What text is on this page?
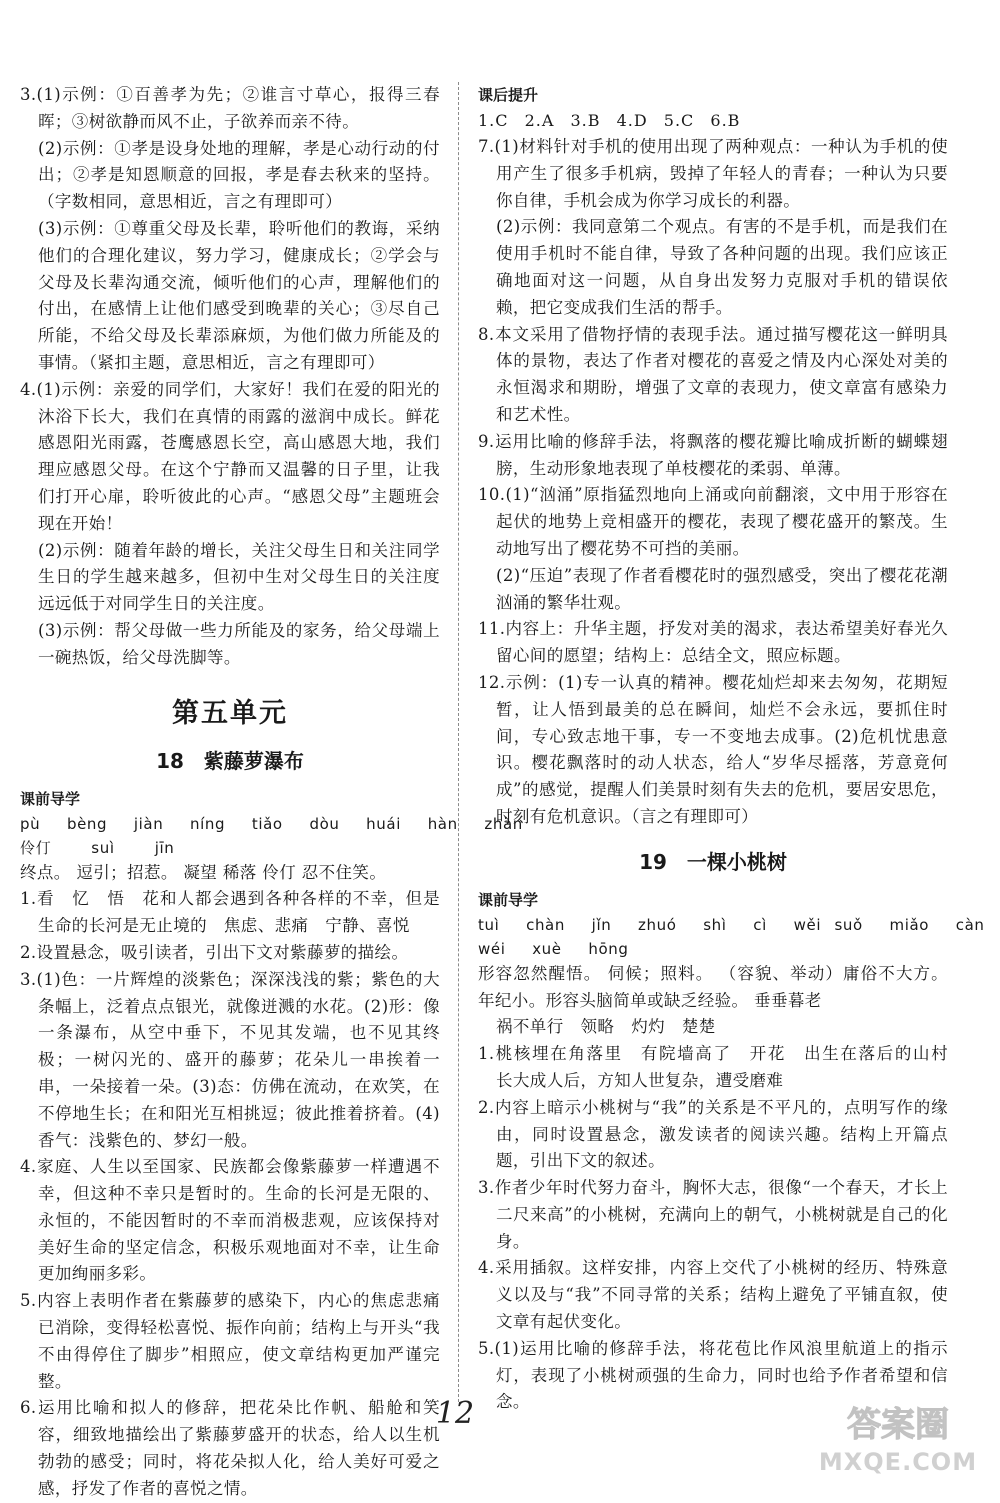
3.(1)示例：①百善孝为先；②谁言寸草心，报得三春晖；③树欲静而风不止，子欲养而亲不待。

(2)示例：①孝是设身处地的理解，孝是心动行动的付出；②孝是知恩顺意的回报，孝是春去秋来的坚持。（字数相同，意思相近，言之有理即可）

(3)示例：①尊重父母及长辈，聆听他们的教诲，采纳他们的合理化建议，努力学习，健康成长；②学会与父母及长辈沟通交流，倾听他们的心声，理解他们的付出，在感情上让他们感受到晚辈的关心；③尽自己所能，不给父母及长辈添麻烦，为他们做力所能及的事情。（紧扣主题，意思相近，言之有理即可）

4.(1)示例：亲爱的同学们，大家好！我们在爱的阳光的沐浴下长大，我们在真情的雨露的滋润中成长。鲜花感恩阳光雨露，苍鹰感恩长空，高山感恩大地，我们理应感恩父母。在这个宁静而又温馨的日子里，让我们打开心扉，聆听彼此的心声。“感恩父母”主题班会现在开始！

(2)示例：随着年龄的增长，关注父母生日和关注同学生日的学生越来越多，但初中生对父母生日的关注度远远低于对同学生日的关注度。

(3)示例：帮父母做一些力所能及的家务，给父母端上一碗热饭，给父母洗脚等。

第五单元
18　紫藤萝瀑布
课前导学
pù  bèng  jiàn  níng  tiǎo  dòu  huái  hàn  zhàn
伶仃   suì   jīn

终点。 逗引；招惹。 凝望 稀落 伶仃 忍不住笑。

1.看　忆　悟　花和人都会遇到各种各样的不幸，但是生命的长河是无止境的　焦虑、悲痛　宁静、喜悦

2.设置悬念，吸引读者，引出下文对紫藤萝的描绘。

3.(1)色：一片辉煌的淡紫色；深深浅浅的紫；紫色的大条幅上，泛着点点银光，就像迸溅的水花。(2)形：像一条瀑布，从空中垂下，不见其发端，也不见其终极；一树闪光的、盛开的藤萝；花朵儿一串挨着一串，一朵接着一朵。(3)态：仿佛在流动，在欢笑，在不停地生长；在和阳光互相挑逗；彼此推着挤着。(4)香气：浅紫色的、梦幻一般。

4.家庭、人生以至国家、民族都会像紫藤萝一样遭遇不幸，但这种不幸只是暂时的。生命的长河是无限的、永恒的，不能因暂时的不幸而消极悲观，应该保持对美好生命的坚定信念，积极乐观地面对不幸，让生命更加绚丽多彩。

5.内容上表明作者在紫藤萝的感染下，内心的焦虑悲痛已消除，变得轻松喜悦、振作向前；结构上与开头“我不由得停住了脚步”相照应，使文章结构更加严谨完整。

6.运用比喻和拟人的修辞，把花朵比作帆、船舱和笑容，细致地描绘出了紫藤萝盛开的状态，给人以生机勃勃的感受；同时，将花朵拟人化，给人美好可爱之感，抒发了作者的喜悦之情。

课后提升

1.C 2.A 3.B 4.D 5.C 6.B

7.(1)材料针对手机的使用出现了两种观点：一种认为手机的使用产生了很多手机病，毁掉了年轻人的青春；一种认为只要你自律，手机会成为你学习成长的利器。

(2)示例：我同意第二个观点。有害的不是手机，而是我们在使用手机时不能自律，导致了各种问题的出现。我们应该正确地面对这一问题，从自身出发努力克服对手机的错误依赖，把它变成我们生活的帮手。

8.本文采用了借物抒情的表现手法。通过描写樱花这一鲜明具体的景物，表达了作者对樱花的喜爱之情及内心深处对美的永恒渴求和期盼，增强了文章的表现力，使文章富有感染力和艺术性。

9.运用比喻的修辞手法，将飘落的樱花瓣比喻成折断的蝴蝶翅膀，生动形象地表现了单枝樱花的柔弱、单薄。

10.(1)“汹涌”原指猛烈地向上涌或向前翻滚，文中用于形容在起伏的地势上竞相盛开的樱花，表现了樱花盛开的繁茂。生动地写出了樱花势不可挡的美丽。

(2)“压迫”表现了作者看樱花时的强烈感受，突出了樱花花潮汹涌的繁华壮观。

11.内容上：升华主题，抒发对美的渴求，表达希望美好春光久留心间的愿望；结构上：总结全文，照应标题。

12.示例：(1)专一认真的精神。樱花灿烂却来去匆匆，花期短暂，让人悟到最美的总在瞬间，灿烂不会永远，要抓住时间，专心致志地干事，专一不变地去成事。(2)危机忧患意识。樱花飘落时的动人状态，给人“岁华尽摇落，芳意竟何成”的感觉，提醒人们美景时刻有失去的危机，要居安思危，时刻有危机意识。（言之有理即可）

19　一棵小桃树
课前导学
tuì  chàn  jǐn  zhuó  shì  cì  wěi suǒ  miǎo  càn
wéi  xuè  hōng

形容忽然醒悟。 伺候；照料。 （容貌、举动）庸俗不大方。 年纪小。形容头脑简单或缺乏经验。 垂垂暮老

祸不单行　领略　灼灼　楚楚

1.桃核埋在角落里　有院墙高了　开花　出生在落后的山村　长大成人后，方知人世复杂，遭受磨难

2.内容上暗示小桃树与“我”的关系是不平凡的，点明写作的缘由，同时设置悬念，激发读者的阅读兴趣。结构上开篇点题，引出下文的叙述。

3.作者少年时代努力奋斗，胸怀大志，很像“一个春天，才长上二尺来高”的小桃树，充满向上的朝气，小桃树就是自己的化身。

4.采用插叙。这样安排，内容上交代了小桃树的经历、特殊意义以及与“我”不同寻常的关系；结构上避免了平铺直叙，使文章有起伏变化。

5.(1)运用比喻的修辞手法，将花苞比作风浪里航道上的指示灯，表现了小桃树顽强的生命力，同时也给予作者希望和信念。

12	答案圈
MXQE.COM
